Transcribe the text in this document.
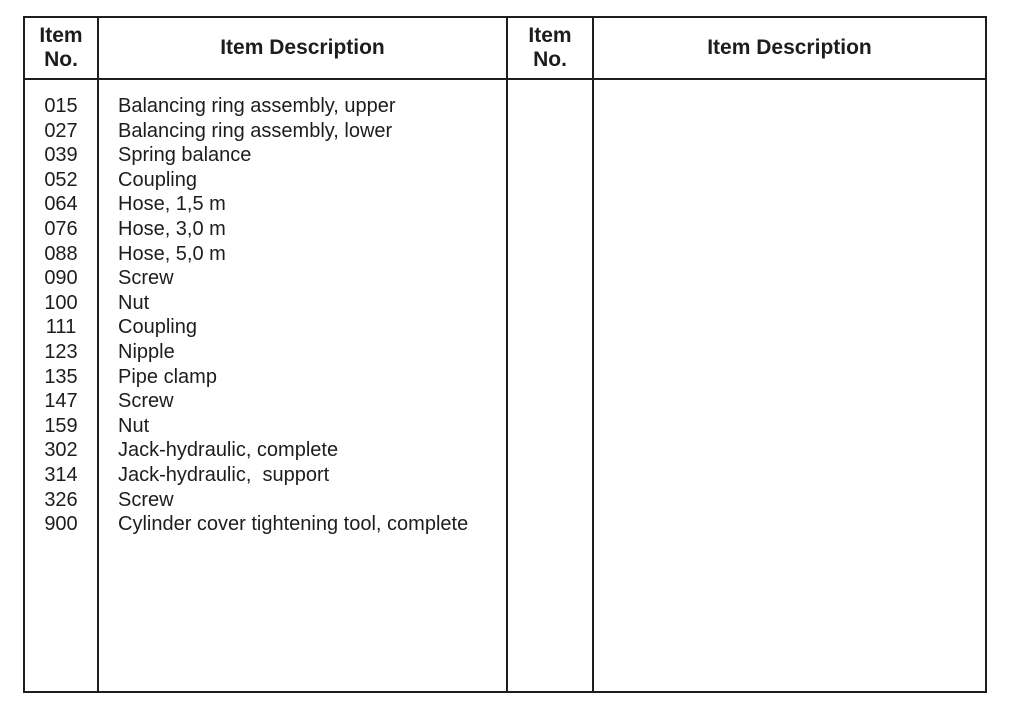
Item No.
Item Description
Item No.
Item Description
015
027
039
052
064
076
088
090
100
111
123
135
147
159
302
314
326
900
Balancing ring assembly, upper
Balancing ring assembly, lower
Spring balance
Coupling
Hose, 1,5 m
Hose, 3,0 m
Hose, 5,0 m
Screw
Nut
Coupling
Nipple
Pipe clamp
Screw
Nut
Jack-hydraulic, complete
Jack-hydraulic,  support
Screw
Cylinder cover tightening tool, complete
